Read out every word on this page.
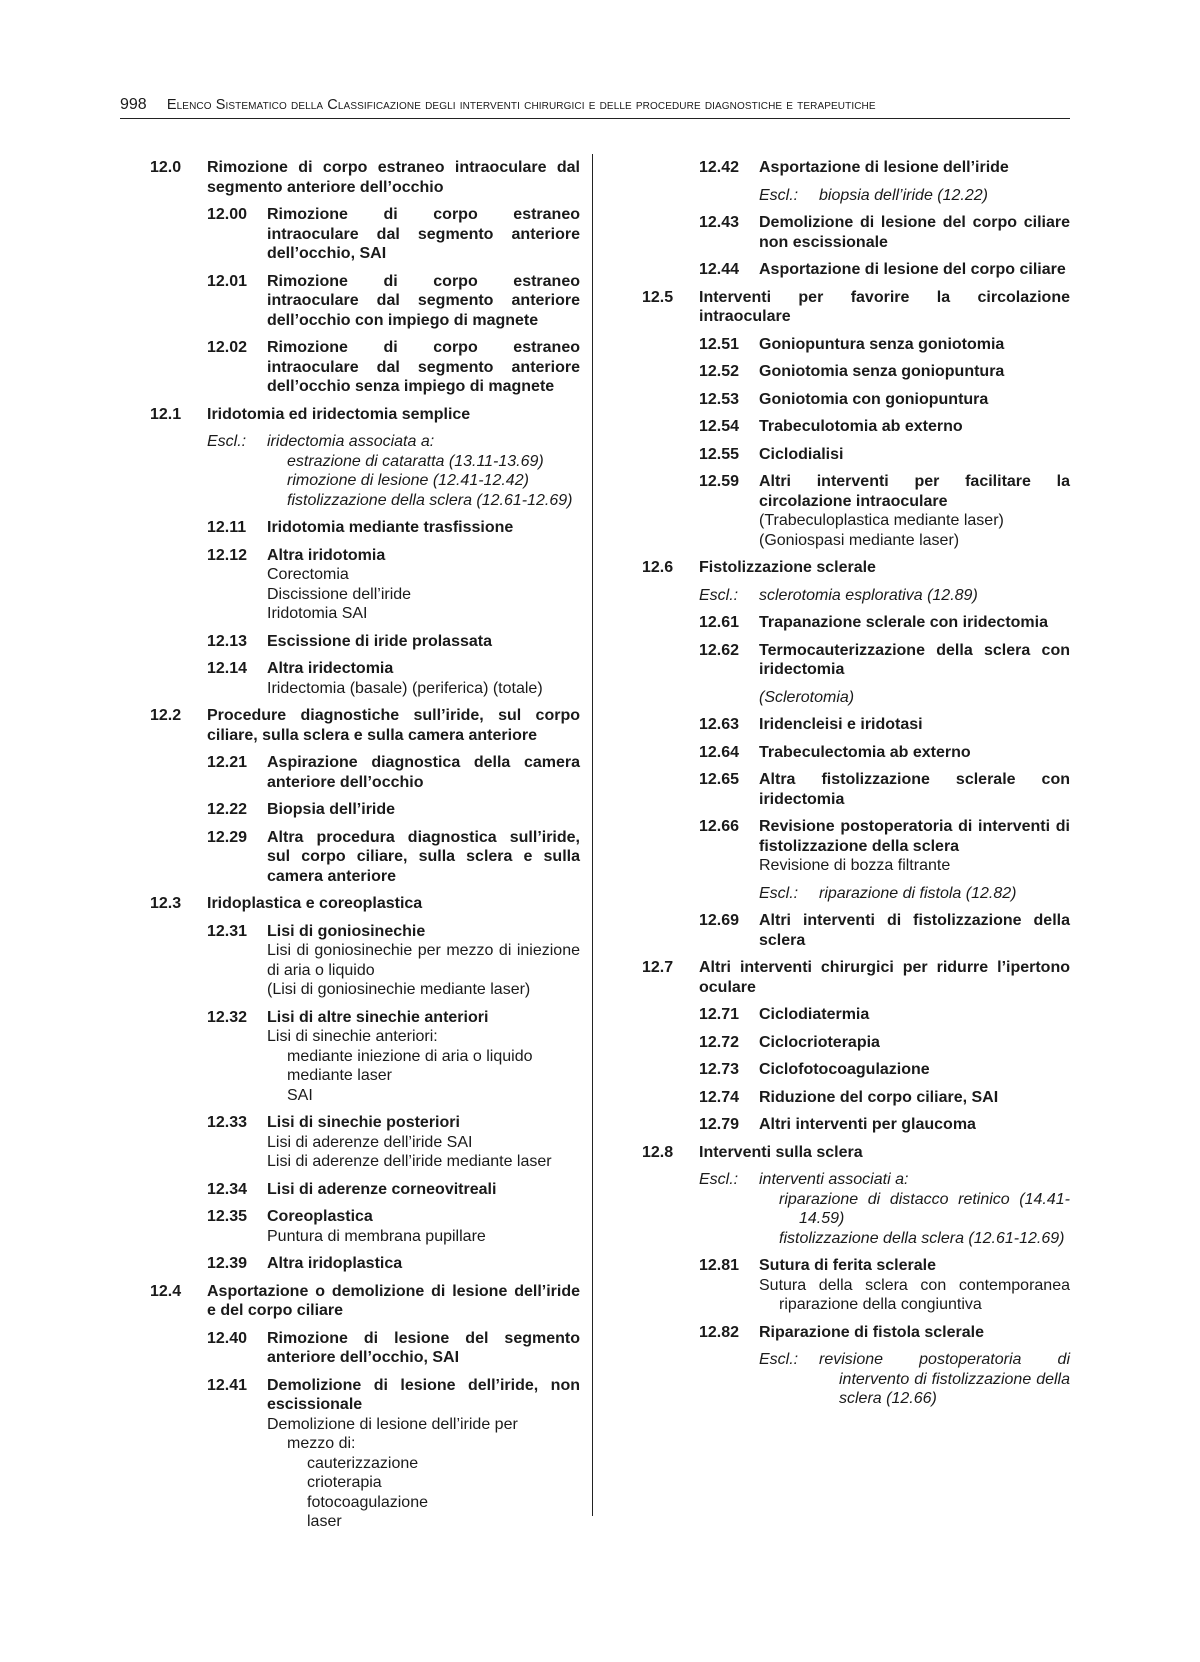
998 Elenco Sistematico della Classificazione degli interventi chirurgici e delle procedure diagnostiche e terapeutiche
12.0 Rimozione di corpo estraneo intraoculare dal segmento anteriore dell’occhio
12.00 Rimozione di corpo estraneo intraoculare dal segmento anteriore dell’occhio, SAI
12.01 Rimozione di corpo estraneo intraoculare dal segmento anteriore dell’occhio con impiego di magnete
12.02 Rimozione di corpo estraneo intraoculare dal segmento anteriore dell’occhio senza impiego di magnete
12.1 Iridotomia ed iridectomia semplice
Escl.: iridectomia associata a:
estrazione di cataratta (13.11-13.69)
rimozione di lesione (12.41-12.42)
fistolizzazione della sclera (12.61-12.69)
12.11 Iridotomia mediante trasfissione
12.12 Altra iridotomia
Corectomia
Discissione dell’iride
Iridotomia SAI
12.13 Escissione di iride prolassata
12.14 Altra iridectomia
Iridectomia (basale) (periferica) (totale)
12.2 Procedure diagnostiche sull’iride, sul corpo ciliare, sulla sclera e sulla camera anteriore
12.21 Aspirazione diagnostica della camera anteriore dell’occhio
12.22 Biopsia dell’iride
12.29 Altra procedura diagnostica sull’iride, sul corpo ciliare, sulla sclera e sulla camera anteriore
12.3 Iridoplastica e coreoplastica
12.31 Lisi di goniosinechie
Lisi di goniosinechie per mezzo di iniezione di aria o liquido
(Lisi di goniosinechie mediante laser)
12.32 Lisi di altre sinechie anteriori
Lisi di sinechie anteriori:
mediante iniezione di aria o liquido
mediante laser
SAI
12.33 Lisi di sinechie posteriori
Lisi di aderenze dell’iride SAI
Lisi di aderenze dell’iride mediante laser
12.34 Lisi di aderenze corneovitreali
12.35 Coreoplastica
Puntura di membrana pupillare
12.39 Altra iridoplastica
12.4 Asportazione o demolizione di lesione dell’iride e del corpo ciliare
12.40 Rimozione di lesione del segmento anteriore dell’occhio, SAI
12.41 Demolizione di lesione dell’iride, non escissionale
Demolizione di lesione dell’iride per
mezzo di:
cauterizzazione
crioterapia
fotocoagulazione
laser
12.42 Asportazione di lesione dell’iride
Escl.: biopsia dell’iride (12.22)
12.43 Demolizione di lesione del corpo ciliare non escissionale
12.44 Asportazione di lesione del corpo ciliare
12.5 Interventi per favorire la circolazione intraoculare
12.51 Goniopuntura senza goniotomia
12.52 Goniotomia senza goniopuntura
12.53 Goniotomia con goniopuntura
12.54 Trabeculotomia ab externo
12.55 Ciclodialisi
12.59 Altri interventi per facilitare la circolazione intraoculare
(Trabeculoplastica mediante laser)
(Goniospasi mediante laser)
12.6 Fistolizzazione sclerale
Escl.: sclerotomia esplorativa (12.89)
12.61 Trapanazione sclerale con iridectomia
12.62 Termocauterizzazione della sclera con iridectomia
(Sclerotomia)
12.63 Iridencleisi e iridotasi
12.64 Trabeculectomia ab externo
12.65 Altra fistolizzazione sclerale con iridectomia
12.66 Revisione postoperatoria di interventi di fistolizzazione della sclera
Revisione di bozza filtrante
Escl.: riparazione di fistola (12.82)
12.69 Altri interventi di fistolizzazione della sclera
12.7 Altri interventi chirurgici per ridurre l’ipertono oculare
12.71 Ciclodiatermia
12.72 Ciclocrioterapia
12.73 Ciclofotocoagulazione
12.74 Riduzione del corpo ciliare, SAI
12.79 Altri interventi per glaucoma
12.8 Interventi sulla sclera
Escl.: interventi associati a:
riparazione di distacco retinico (14.41-14.59)
fistolizzazione della sclera (12.61-12.69)
12.81 Sutura di ferita sclerale
Sutura della sclera con contemporanea riparazione della congiuntiva
12.82 Riparazione di fistola sclerale
Escl.: revisione postoperatoria di intervento di fistolizzazione della sclera (12.66)
